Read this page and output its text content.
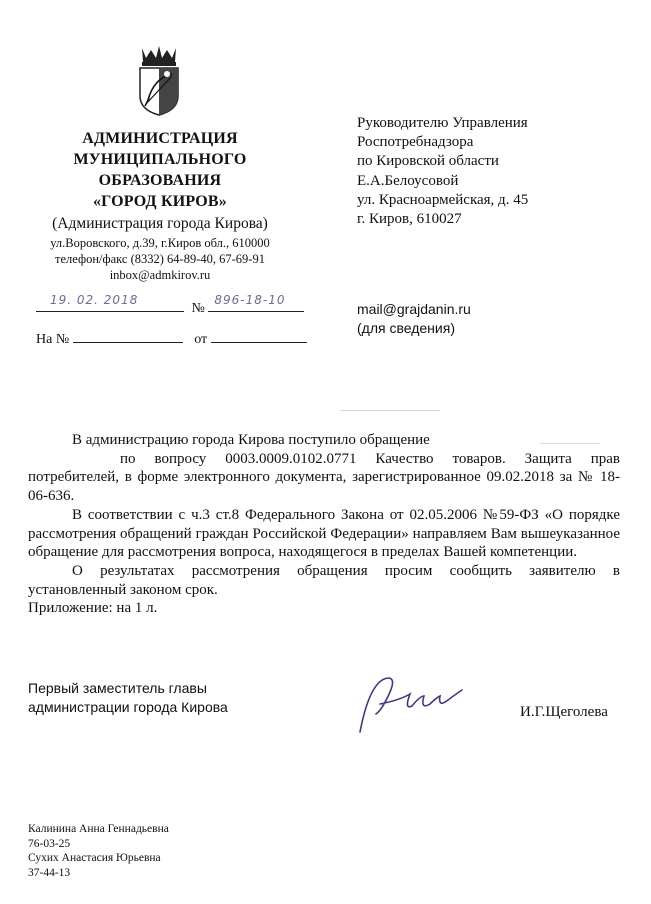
АДМИНИСТРАЦИЯ
МУНИЦИПАЛЬНОГО
ОБРАЗОВАНИЯ
«ГОРОД КИРОВ»
(Администрация города Кирова)
ул.Воровского, д.39, г.Киров обл., 610000
телефон/факс (8332) 64-89-40, 67-69-91
inbox@admkirov.ru
19. 02. 2018
№
896-18-10
На №	от
Руководителю Управления
Роспотребнадзора
по Кировской области
Е.А.Белоусовой
ул. Красноармейская, д. 45
г. Киров, 610027
mail@grajdanin.ru
(для сведения)

В администрацию города Кирова поступило обращение

по вопросу 0003.0009.0102.0771 Качество товаров. Защита прав потребителей, в форме электронного документа, зарегистрированное 09.02.2018 за № 18-06-636.

В соответствии с ч.3 ст.8 Федерального Закона от 02.05.2006 №59-ФЗ «О порядке рассмотрения обращений граждан Российской Федерации» направляем Вам вышеуказанное обращение для рассмотрения вопроса, находящегося в пределах Вашей компетенции.

О результатах рассмотрения обращения просим сообщить заявителю в установленный законом срок.

Приложение: на 1 л.

Первый заместитель главы
администрации города Кирова	И.Г.Щеголева
Калинина Анна Геннадьевна
76-03-25
Сухих Анастасия Юрьевна
37-44-13
